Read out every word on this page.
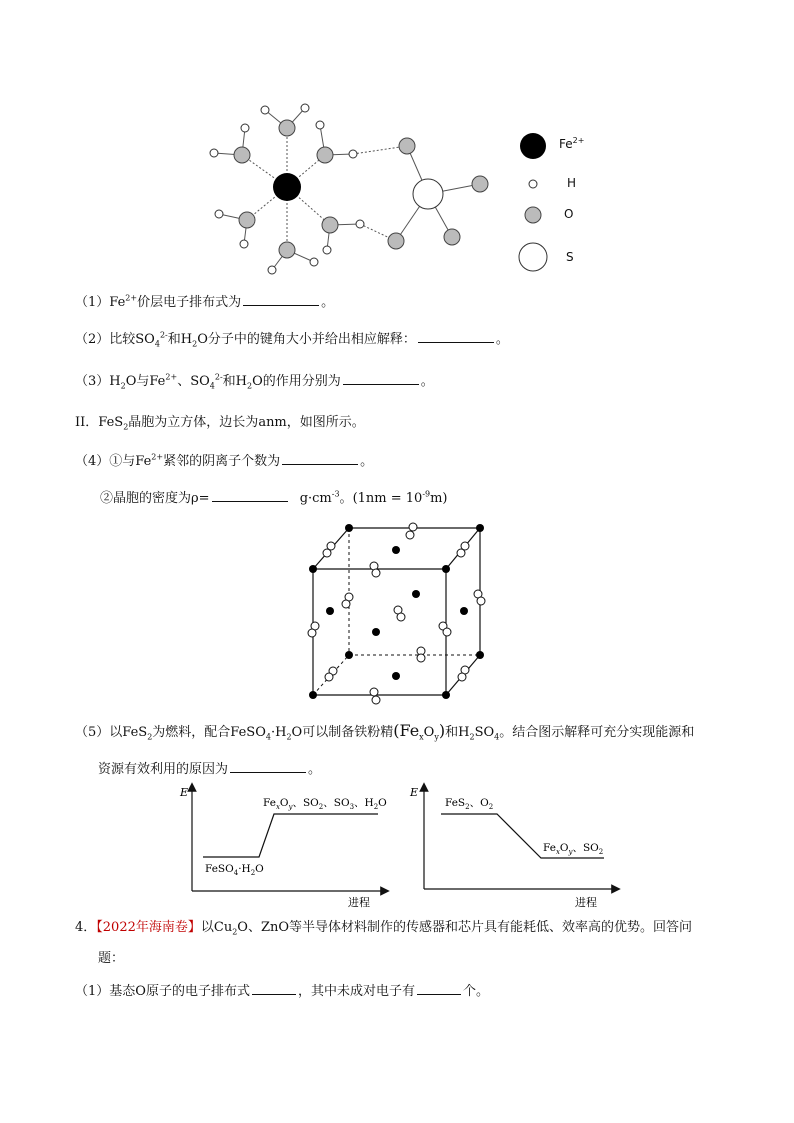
$Fe^{2+}$
H
O
S
$(1)Fe^{2+}$价层电子排布式为	。
（2）比较$SO_4^{2-}$和$H_2O$分子中的键角大小并给出相应解释：	。
$(3)H_2O$与$Fe^{2+}$、$SO_4^{2-}$和$H_2O$的作用分别为	。
II．FeS$_2$晶胞为立方体，边长为anm，如图所示。
（4）①与$Fe^{2+}$紧邻的阴离子个数为	。
②晶胞的密度为ρ=	$g\cdot cm^{-3}$。$(1nm = 10^{-9}m)$
（5）以FeS$_2$为燃料，配合$FeSO_4\cdot H_2O$可以制备铁粉精$(Fe_xO_y)$和$H_2SO_4$。结合图示解释可充分实现能源和
资源有效利用的原因为	。
E
进程
$FeSO_4\cdot H_2O$
$Fe_xO_y$、$SO_2$、$SO_3$、$H_2O$
E
进程
FeS$_2$、$O_2$
$Fe_xO_y$、$SO_2$
4．【2022年海南卷】以$Cu_2O$、ZnO等半导体材料制作的传感器和芯片具有能耗低、效率高的优势。回答问
题：
（1）基态O原子的电子排布式	，其中未成对电子有	个。
